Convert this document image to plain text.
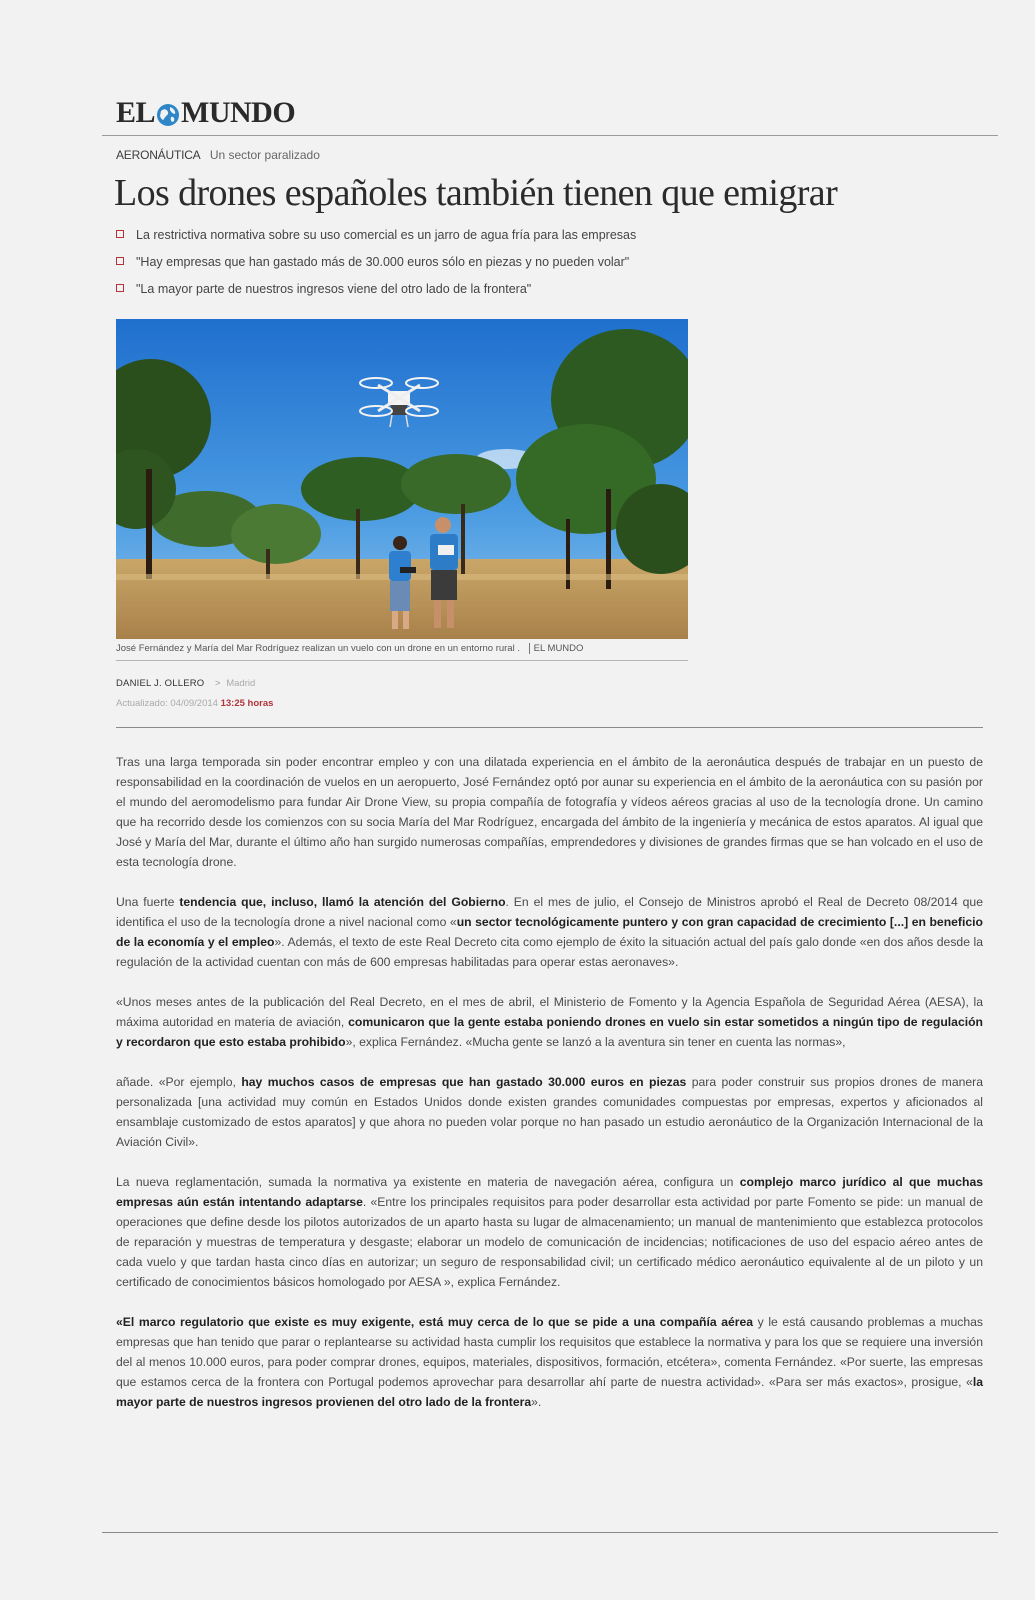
EL MUNDO
AERONÁUTICA Un sector paralizado
Los drones españoles también tienen que emigrar
La restrictiva normativa sobre su uso comercial es un jarro de agua fría para las empresas
"Hay empresas que han gastado más de 30.000 euros sólo en piezas y no pueden volar"
"La mayor parte de nuestros ingresos viene del otro lado de la frontera"
José Fernández y María del Mar Rodríguez realizan un vuelo con un drone en un entorno rural . EL MUNDO
DANIEL J. OLLERO > Madrid
Actualizado: 04/09/2014 13:25 horas

Tras una larga temporada sin poder encontrar empleo y con una dilatada experiencia en el ámbito de la aeronáutica después de trabajar en un puesto de responsabilidad en la coordinación de vuelos en un aeropuerto, José Fernández optó por aunar su experiencia en el ámbito de la aeronáutica con su pasión por el mundo del aeromodelismo para fundar Air Drone View, su propia compañía de fotografía y vídeos aéreos gracias al uso de la tecnología drone. Un camino que ha recorrido desde los comienzos con su socia María del Mar Rodríguez, encargada del ámbito de la ingeniería y mecánica de estos aparatos. Al igual que José y María del Mar, durante el último año han surgido numerosas compañías, emprendedores y divisiones de grandes firmas que se han volcado en el uso de esta tecnología drone.

Una fuerte tendencia que, incluso, llamó la atención del Gobierno. En el mes de julio, el Consejo de Ministros aprobó el Real de Decreto 08/2014 que identifica el uso de la tecnología drone a nivel nacional como «un sector tecnológicamente puntero y con gran capacidad de crecimiento [...] en beneficio de la economía y el empleo». Además, el texto de este Real Decreto cita como ejemplo de éxito la situación actual del país galo donde «en dos años desde la regulación de la actividad cuentan con más de 600 empresas habilitadas para operar estas aeronaves».

«Unos meses antes de la publicación del Real Decreto, en el mes de abril, el Ministerio de Fomento y la Agencia Española de Seguridad Aérea (AESA), la máxima autoridad en materia de aviación, comunicaron que la gente estaba poniendo drones en vuelo sin estar sometidos a ningún tipo de regulación y recordaron que esto estaba prohibido», explica Fernández. «Mucha gente se lanzó a la aventura sin tener en cuenta las normas»,

añade. «Por ejemplo, hay muchos casos de empresas que han gastado 30.000 euros en piezas para poder construir sus propios drones de manera personalizada [una actividad muy común en Estados Unidos donde existen grandes comunidades compuestas por empresas, expertos y aficionados al ensamblaje customizado de estos aparatos] y que ahora no pueden volar porque no han pasado un estudio aeronáutico de la Organización Internacional de la Aviación Civil».

La nueva reglamentación, sumada la normativa ya existente en materia de navegación aérea, configura un complejo marco jurídico al que muchas empresas aún están intentando adaptarse. «Entre los principales requisitos para poder desarrollar esta actividad por parte Fomento se pide: un manual de operaciones que define desde los pilotos autorizados de un aparto hasta su lugar de almacenamiento; un manual de mantenimiento que establezca protocolos de reparación y muestras de temperatura y desgaste; elaborar un modelo de comunicación de incidencias; notificaciones de uso del espacio aéreo antes de cada vuelo y que tardan hasta cinco días en autorizar; un seguro de responsabilidad civil; un certificado médico aeronáutico equivalente al de un piloto y un certificado de conocimientos básicos homologado por AESA », explica Fernández.

«El marco regulatorio que existe es muy exigente, está muy cerca de lo que se pide a una compañía aérea y le está causando problemas a muchas empresas que han tenido que parar o replantearse su actividad hasta cumplir los requisitos que establece la normativa y para los que se requiere una inversión del al menos 10.000 euros, para poder comprar drones, equipos, materiales, dispositivos, formación, etcétera», comenta Fernández. «Por suerte, las empresas que estamos cerca de la frontera con Portugal podemos aprovechar para desarrollar ahí parte de nuestra actividad». «Para ser más exactos», prosigue, «la mayor parte de nuestros ingresos provienen del otro lado de la frontera».
